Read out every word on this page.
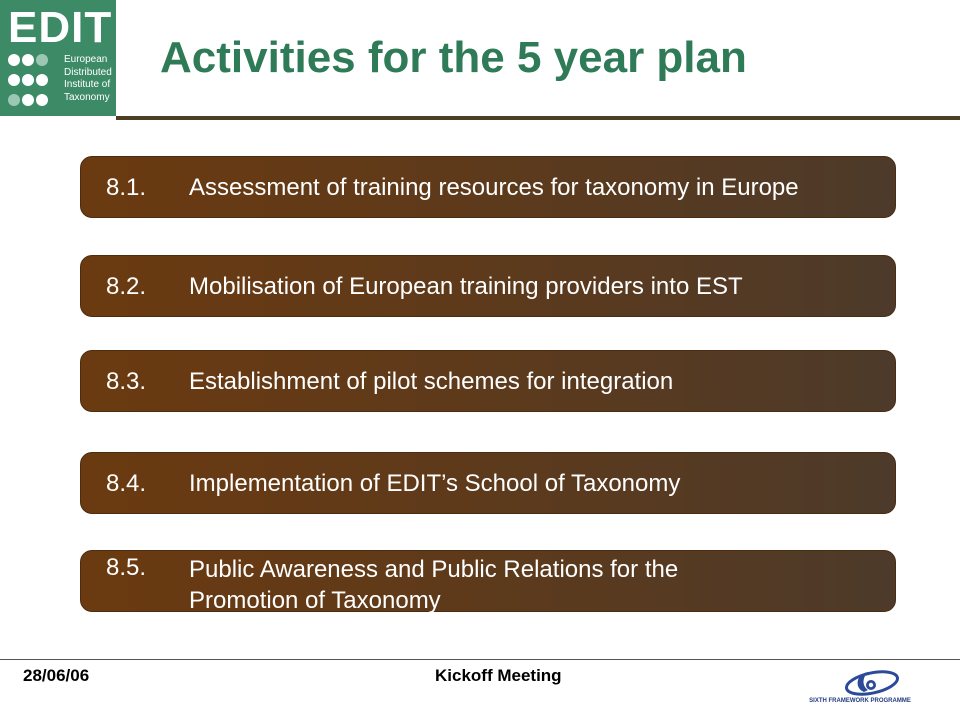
EDIT

European
Distributed
Institute of
Taxonomy
Activities for the 5 year plan
8.1. Assessment of training resources for taxonomy in Europe
8.2. Mobilisation of European training providers into EST
8.3. Establishment of pilot schemes for integration
8.4. Implementation of EDIT’s School of Taxonomy
8.5. Public Awareness and Public Relations for the
Promotion of Taxonomy
28/06/06	Kickoff Meeting
SIXTH FRAMEWORK PROGRAMME
